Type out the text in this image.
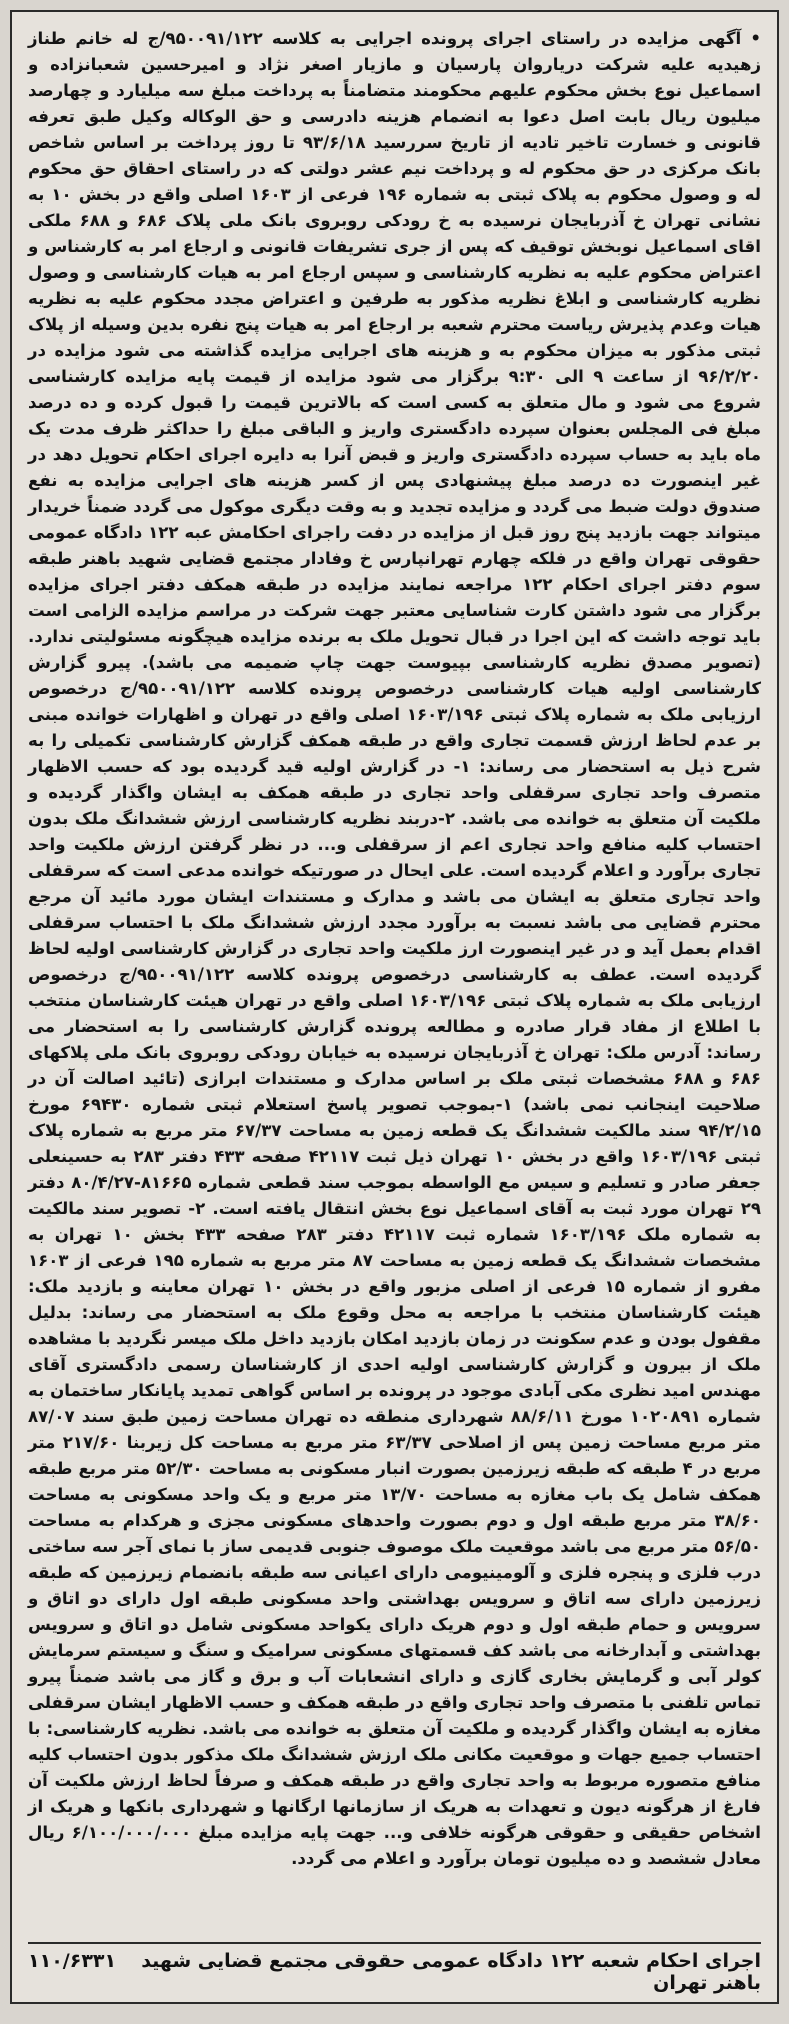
• آگهی مزایده در راستای اجرای پرونده اجرایی به کلاسه ۹۵۰۰۹۱/۱۲۲/ج له خانم طناز زهیدیه علیه شرکت دریاروان پارسیان و مازیار اصغر نژاد و امیرحسین شعبانزاده و اسماعیل نوع بخش محکوم علیهم محکومند متضامناً به پرداخت مبلغ سه میلیارد و چهارصد میلیون ریال بابت اصل دعوا به انضمام هزینه دادرسی و حق الوکاله وکیل طبق تعرفه قانونی و خسارت تاخیر تادیه از تاریخ سررسید ۹۳/۶/۱۸ تا روز پرداخت بر اساس شاخص بانک مرکزی در حق محکوم له و پرداخت نیم عشر دولتی که در راستای احقاق حق محکوم له و وصول محکوم به پلاک ثبتی به شماره ۱۹۶ فرعی از ۱۶۰۳ اصلی واقع در بخش ۱۰ به نشانی تهران خ آذربایجان نرسیده به خ رودکی روبروی بانک ملی پلاک ۶۸۶ و ۶۸۸ ملکی اقای اسماعیل نوبخش توقیف که پس از جری تشریفات قانونی و ارجاع امر به کارشناس و اعتراض محکوم علیه به نظریه کارشناسی و سپس ارجاع امر به هیات کارشناسی و وصول نظریه کارشناسی و ابلاغ نظریه مذکور به طرفین و اعتراض مجدد محکوم علیه به نظریه هیات وعدم پذیرش ریاست محترم شعبه بر ارجاع امر به هیات پنج نفره بدین وسیله از پلاک ثبتی مذکور به میزان محکوم به و هزینه های اجرایی مزایده گذاشته می شود مزایده در ۹۶/۲/۲۰ از ساعت ۹ الی ۹:۳۰ برگزار می شود مزایده از قیمت پایه مزایده کارشناسی شروع می شود و مال متعلق به کسی است که بالاترین قیمت را قبول کرده و ده درصد مبلغ فی المجلس بعنوان سپرده دادگستری واریز و الباقی مبلغ را حداکثر ظرف مدت یک ماه باید به حساب سپرده دادگستری واریز و قبض آنرا به دایره اجرای احکام تحویل دهد در غیر اینصورت ده درصد مبلغ پیشنهادی پس از کسر هزینه های اجرایی مزایده به نفع صندوق دولت ضبط می گردد و مزایده تجدید و به وقت دیگری موکول می گردد ضمناً خریدار میتواند جهت بازدید پنج روز قبل از مزایده در دفت راجرای احکامش عبه ۱۲۲ دادگاه عمومی حقوقی تهران واقع در فلکه چهارم تهرانپارس خ وفادار مجتمع قضایی شهید باهنر طبقه سوم دفتر اجرای احکام ۱۲۲ مراجعه نمایند مزایده در طبقه همکف دفتر اجرای مزایده برگزار می شود داشتن کارت شناسایی معتبر جهت شرکت در مراسم مزایده الزامی است باید توجه داشت که این اجرا در قبال تحویل ملک به برنده مزایده هیچگونه مسئولیتی ندارد. (تصویر مصدق نظریه کارشناسی بپیوست جهت چاپ ضمیمه می باشد). پیرو گزارش کارشناسی اولیه هیات کارشناسی درخصوص پرونده کلاسه ۹۵۰۰۹۱/۱۲۲/ج درخصوص ارزیابی ملک به شماره پلاک ثبتی ۱۶۰۳/۱۹۶ اصلی واقع در تهران و اظهارات خوانده مبنی بر عدم لحاظ ارزش قسمت تجاری واقع در طبقه همکف گزارش کارشناسی تکمیلی را به شرح ذیل به استحضار می رساند: ۱- در گزارش اولیه قید گردیده بود که حسب الاظهار متصرف واحد تجاری سرقفلی واحد تجاری در طبقه همکف به ایشان واگذار گردیده و ملکیت آن متعلق به خوانده می باشد. ۲-دربند نظریه کارشناسی ارزش ششدانگ ملک بدون احتساب کلیه منافع واحد تجاری اعم از سرقفلی و... در نظر گرفتن ارزش ملکیت واحد تجاری برآورد و اعلام گردیده است. علی ایحال در صورتیکه خوانده مدعی است که سرقفلی واحد تجاری متعلق به ایشان می باشد و مدارک و مستندات ایشان مورد مائید آن مرجع محترم قضایی می باشد نسبت به برآورد مجدد ارزش ششدانگ ملک با احتساب سرقفلی اقدام بعمل آید و در غیر اینصورت ارز ملکیت واحد تجاری در گزارش کارشناسی اولیه لحاظ گردیده است. عطف به کارشناسی درخصوص پرونده کلاسه ۹۵۰۰۹۱/۱۲۲/ج درخصوص ارزیابی ملک به شماره پلاک ثبتی ۱۶۰۳/۱۹۶ اصلی واقع در تهران هیئت کارشناسان منتخب با اطلاع از مفاد قرار صادره و مطالعه پرونده گزارش کارشناسی را به استحضار می رساند: آدرس ملک: تهران خ آذربایجان نرسیده به خیابان رودکی روبروی بانک ملی پلاکهای ۶۸۶ و ۶۸۸ مشخصات ثبتی ملک بر اساس مدارک و مستندات ابرازی (تائید اصالت آن در صلاحیت اینجانب نمی باشد) ۱-بموجب تصویر پاسخ استعلام ثبتی شماره ۶۹۴۳۰ مورخ ۹۴/۲/۱۵ سند مالکیت ششدانگ یک قطعه زمین به مساحت ۶۷/۳۷ متر مربع به شماره پلاک ثبتی ۱۶۰۳/۱۹۶ واقع در بخش ۱۰ تهران ذیل ثبت ۴۲۱۱۷ صفحه ۴۳۳ دفتر ۲۸۳ به حسینعلی جعفر صادر و تسلیم و سیس مع الواسطه بموجب سند قطعی شماره ۸۱۶۶۵-۸۰/۴/۲۷ دفتر ۲۹ تهران مورد ثبت به آقای اسماعیل نوع بخش انتقال یافته است. ۲- تصویر سند مالکیت به شماره ملک ۱۶۰۳/۱۹۶ شماره ثبت ۴۲۱۱۷ دفتر ۲۸۳ صفحه ۴۳۳ بخش ۱۰ تهران به مشخصات ششدانگ یک قطعه زمین به مساحت ۸۷ متر مربع به شماره ۱۹۵ فرعی از ۱۶۰۳ مفرو از شماره ۱۵ فرعی از اصلی مزبور واقع در بخش ۱۰ تهران معاینه و بازدید ملک: هیئت کارشناسان منتخب با مراجعه به محل وقوع ملک به استحضار می رساند: بدلیل مقفول بودن و عدم سکونت در زمان بازدید امکان بازدید داخل ملک میسر نگردید با مشاهده ملک از بیرون و گزارش کارشناسی اولیه احدی از کارشناسان رسمی دادگستری آقای مهندس امید نظری مکی آبادی موجود در پرونده بر اساس گواهی تمدید پایانکار ساختمان به شماره ۱۰۲۰۸۹۱ مورخ ۸۸/۶/۱۱ شهرداری منطقه ده تهران مساحت زمین طبق سند ۸۷/۰۷ متر مربع مساحت زمین پس از اصلاحی ۶۳/۳۷ متر مربع به مساحت کل زیربنا ۲۱۷/۶۰ متر مربع در ۴ طبقه که طبقه زیرزمین بصورت انبار مسکونی به مساحت ۵۲/۳۰ متر مربع طبقه همکف شامل یک باب مغازه به مساحت ۱۳/۷۰ متر مربع و یک واحد مسکونی به مساحت ۳۸/۶۰ متر مربع طبقه اول و دوم بصورت واحدهای مسکونی مجزی و هرکدام به مساحت ۵۶/۵۰ متر مربع می باشد موقعیت ملک موصوف جنوبی قدیمی ساز با نمای آجر سه ساختی درب فلزی و پنجره فلزی و آلومینیومی دارای اعیانی سه طبقه بانضمام زیرزمین که طبقه زیرزمین دارای سه اتاق و سرویس بهداشتی واحد مسکونی طبقه اول دارای دو اتاق و سرویس و حمام طبقه اول و دوم هریک دارای یکواحد مسکونی شامل دو اتاق و سرویس بهداشتی و آبدارخانه می باشد کف قسمتهای مسکونی سرامیک و سنگ و سیستم سرمایش کولر آبی و گرمایش بخاری گازی و دارای انشعابات آب و برق و گاز می باشد ضمناً پیرو تماس تلفنی با متصرف واحد تجاری واقع در طبقه همکف و حسب الاظهار ایشان سرقفلی مغازه به ایشان واگذار گردیده و ملکیت آن متعلق به خوانده می باشد. نظریه کارشناسی: با احتساب جمیع جهات و موقعیت مکانی ملک ارزش ششدانگ ملک مذکور بدون احتساب کلیه منافع متصوره مربوط به واحد تجاری واقع در طبقه همکف و صرفاً لحاظ ارزش ملکیت آن فارغ از هرگونه دیون و تعهدات به هریک از سازمانها ارگانها و شهرداری بانکها و هریک از اشخاص حقیقی و حقوقی هرگونه خلافی و... جهت پایه مزایده مبلغ ۶/۱۰۰/۰۰۰/۰۰۰ ریال معادل ششصد و ده میلیون تومان برآورد و اعلام می گردد.

اجرای احکام شعبه ۱۲۲ دادگاه عمومی حقوقی مجتمع قضایی شهید باهنر تهران
۱۱۰/۶۳۳۱
